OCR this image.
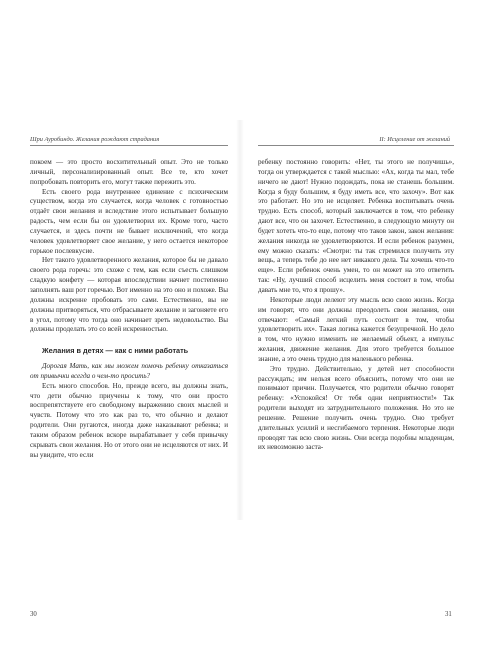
Шри Ауробиндо. Желания рождают страдания

покоем — это просто восхитительный опыт. Это не только личный, персонализированный опыт. Все те, кто хочет попробовать повторить его, могут также пережить это.

Есть своего рода внутреннее единение с психическим существом, когда это случается, когда человек с готовностью отдаёт свои желания и вследствие этого испытывает большую радость, чем если бы он удовлетворил их. Кроме того, часто случается, и здесь почти не бывает исключений, что когда человек удовлетворяет свое желание, у него остается некоторое горькое послевкусие.

Нет такого удовлетворенного желания, которое бы не давало своего рода горечь: это схоже с тем, как если съесть слишком сладкую конфету — которая впоследствии начнет постепенно заполнять ваш рот горечью. Вот именно на это оно и похоже. Вы должны искренне пробовать это сами. Естественно, вы не должны притворяться, что отбрасываете желание и загоняете его в угол, потому что тогда оно начинает зреть недовольство. Вы должны проделать это со всей искренностью.

Желания в детях — как с ними работать

Дорогая Мать, как мы можем помочь ребенку отказаться от привычки всегда о чем-то просить?

Есть много способов. Но, прежде всего, вы должны знать, что дети обычно приучены к тому, что они просто воспрепятствуете его свободному выражению своих мыслей и чувств. Потому что это как раз то, что обычно и делают родители. Они ругаются, иногда даже наказывают ребенка; и таким образом ребенок вскоре вырабатывает у себя привычку скрывать свои желания. Но от этого они не исцеляются от них. И вы увидите, что если

30
II: Исцеление от желаний

ребенку постоянно говорить: «Нет, ты этого не получишь», тогда он утверждается с такой мыслью: «Ах, когда ты мал, тебе ничего не дают! Нужно подождать, пока не станешь большим. Когда я буду большим, я буду иметь все, что захочу». Вот как это работает. Но это не исцеляет. Ребенка воспитывать очень трудно. Есть способ, который заключается в том, что ребенку дают все, что он захочет. Естественно, в следующую минуту он будет хотеть что-то еще, потому что таков закон, закон желания: желания никогда не удовлетворяются. И если ребенок разумен, ему можно сказать: «Смотри: ты так стремился получить эту вещь, а теперь тебе до нее нет никакого дела. Ты хочешь что-то еще». Если ребенок очень умен, то он может на это ответить так: «Ну, лучший способ исцелить меня состоит в том, чтобы давать мне то, что я прошу».

Некоторые люди лелеют эту мысль всю свою жизнь. Когда им говорят, что они должны преодолеть свои желания, они отвечают: «Самый легкий путь состоит в том, чтобы удовлетворить их». Такая логика кажется безупречной. Но дело в том, что нужно изменить не желаемый объект, а импульс желания, движение желания. Для этого требуется большое знание, а это очень трудно для маленького ребенка.

Это трудно. Действительно, у детей нет способности рассуждать; им нельзя всего объяснить, потому что они не понимают причин. Получается, что родители обычно говорят ребенку: «Успокойся! От тебя одни неприятности!» Так родители выходят из затруднительного положения. Но это не решение. Решение получить очень трудно. Оно требует длительных усилий и несгибаемого терпения. Некоторые люди проводят так всю свою жизнь. Они всегда подобны младенцам, их невозможно заста-

31
